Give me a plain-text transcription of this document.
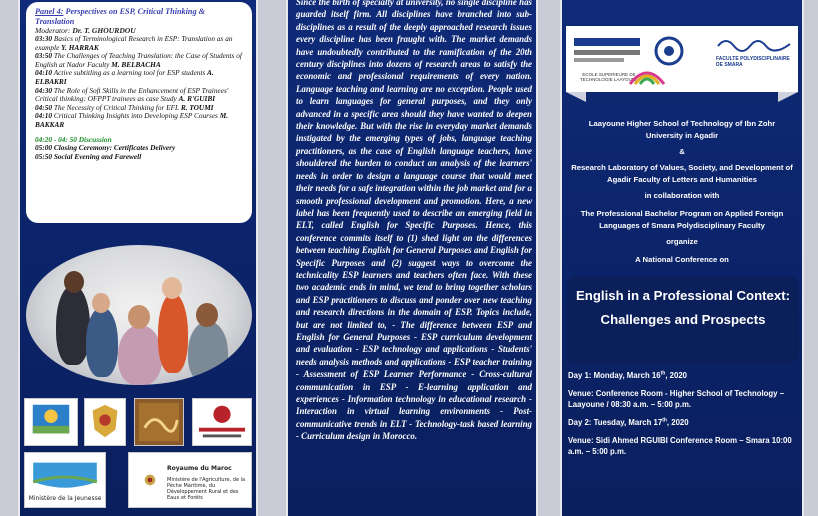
Panel 4: Perspectives on ESP, Critical Thinking & Translation
Moderator: Dr. T. GHOURDOU
03:30 Basics of Terminological Research in ESP: Translation as an example Y. HARRAK
03:50 The Challenges of Teaching Translation: the Case of Students of English at Nador Faculty M. BELBACHA
04:10 Active subtitling as a learning tool for ESP students A. ELBAKRI
04:30 The Role of Soft Skills in the Enhancement of ESP Trainees' Critical thinking: OFPPT trainees as case Study A. R'GUIBI
04:50 The Necessity of Critical Thinking for EFL R. TOUMI
04:10 Critical Thinking Insights into Developing ESP Courses M. BAKKAR
04:20 - 04: 50 Discussion
05:00 Closing Ceremony: Certificates Delivery
05:50 Social Evening and Farewell
Ministère de la Jeunesse
Royaume du Maroc
Ministère de l'Agriculture, de la Pêche Maritime, du Développement Rural et des Eaux et Forêts
Since the birth of specialty at university, no single discipline has guarded itself firm. All disciplines have branched into sub-disciplines as a result of the deeply approached research issues every discipline has been fraught with. The market demands have undoubtedly contributed to the ramification of the 20th century disciplines into dozens of research areas to satisfy the economic and professional requirements of every nation. Language teaching and learning are no exception. People used to learn languages for general purposes, and they only advanced in a specific area should they have wanted to deepen their knowledge. But with the rise in everyday market demands instigated by the emerging types of jobs, language teaching practitioners, as the case of English language teachers, have shouldered the burden to conduct an analysis of the learners' needs in order to design a language course that would meet their needs for a safe integration within the job market and for a smooth professional development and promotion. Here, a new label has been frequently used to describe an emerging field in ELT, called English for Specific Purposes. Hence, this conference commits itself to (1) shed light on the differences between teaching English for General Purposes and English for Specific Purposes and (2) suggest ways to overcome the technicality ESP learners and teachers often face. With these two academic ends in mind, we tend to bring together scholars and ESP practitioners to discuss and ponder over new teaching and research directions in the domain of ESP. Topics include, but are not limited to, - The difference between ESP and English for General Purposes - ESP curriculum development and evaluation - ESP technology and applications - Students' needs analysis methods and applications - ESP teacher training - Assessment of ESP Learner Performance - Cross-cultural communication in ESP - E-learning application and experiences - Information technology in educational research - Interaction in virtual learning environments - Post-communicative trends in ELT - Technology-task based learning - Curriculum design in Morocco.
ECOLE SUPERIEURE DE TECHNOLOGIE LAAYOUNE
FACULTE POLYDISCIPLINAIRE DE SMARA
Laayoune Higher School of Technology of Ibn Zohr University in Agadir
&
Research Laboratory of Values, Society, and Development of Agadir Faculty of Letters and Humanities
in collaboration with
The Professional Bachelor Program on Applied Foreign Languages of Smara Polydisciplinary Faculty
organize
A National Conference on
English in a Professional Context:
Challenges and Prospects
Day 1: Monday, March 16th, 2020
Venue: Conference Room - Higher School of Technology – Laayoune / 08:30 a.m. – 5:00 p.m.
Day 2: Tuesday, March 17th, 2020
Venue: Sidi Ahmed RGUIBI Conference Room – Smara 10:00 a.m. – 5:00 p.m.
